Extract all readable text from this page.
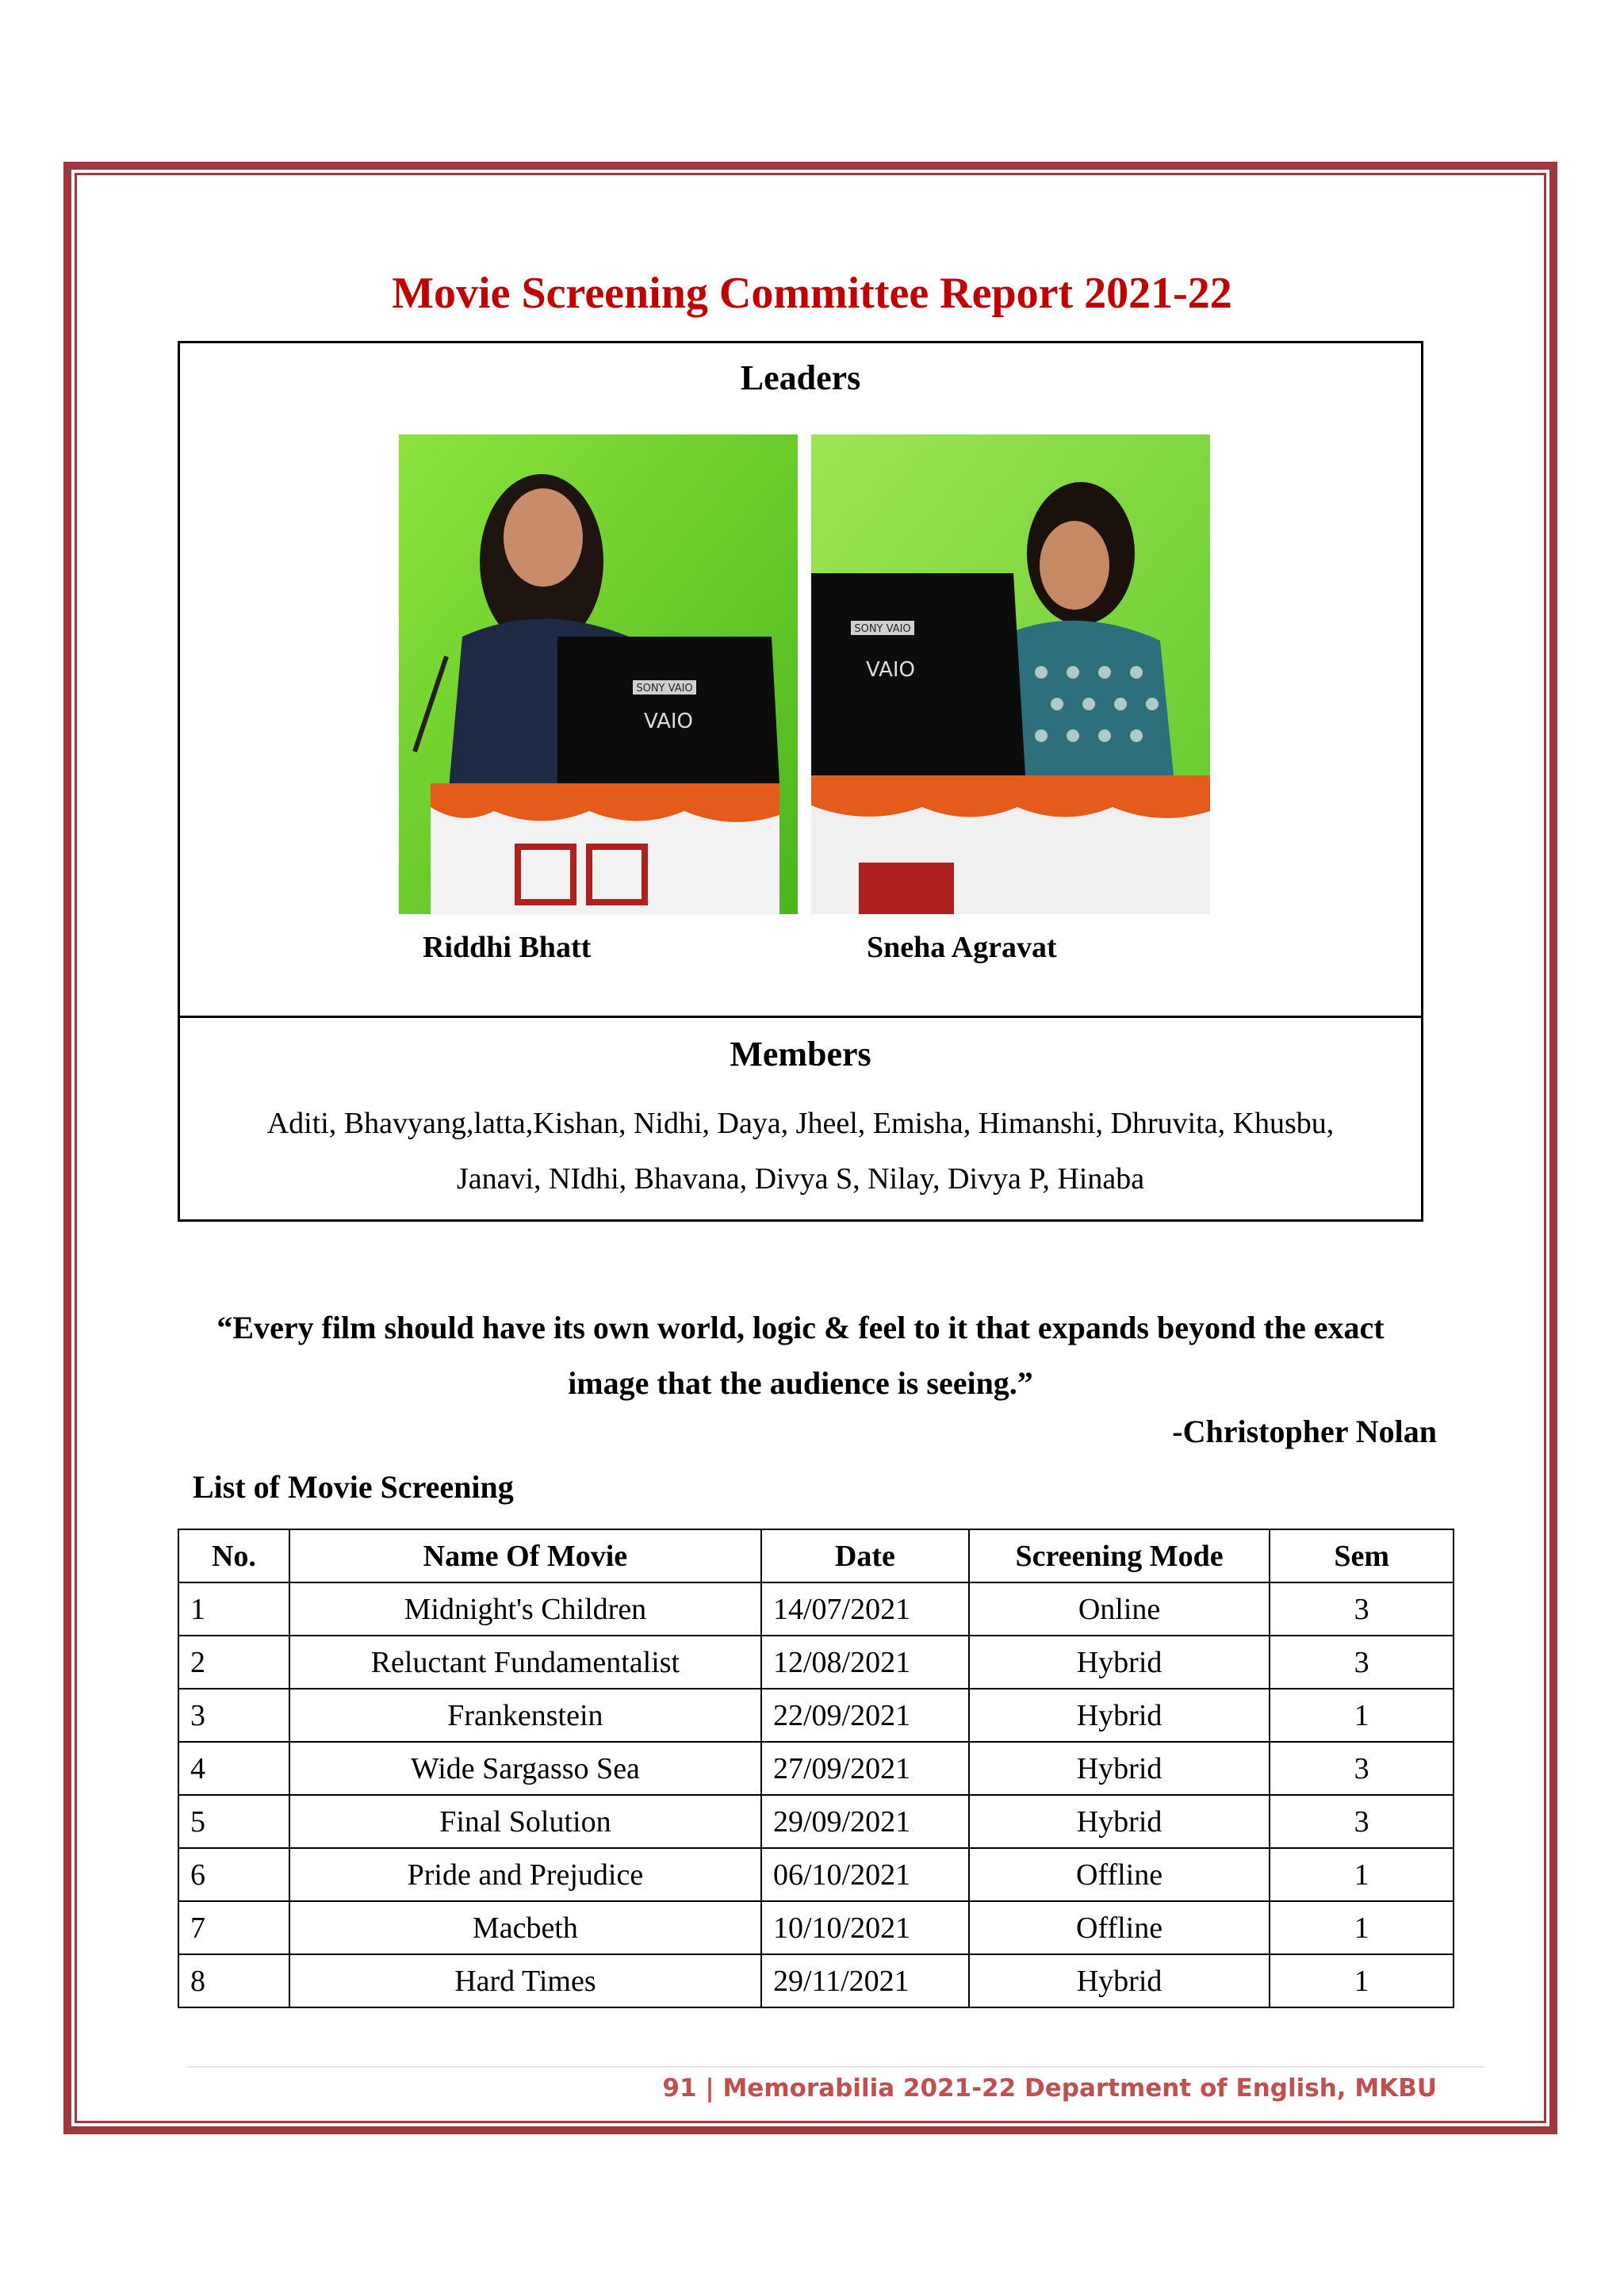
Movie Screening Committee Report 2021-22
Leaders
SONY VAIO
VAIO
SONY VAIO
VAIO
Riddhi Bhatt	Sneha Agravat
Members
Aditi, Bhavyang,latta,Kishan, Nidhi, Daya, Jheel, Emisha, Himanshi, Dhruvita, Khusbu,
Janavi, NIdhi, Bhavana, Divya S, Nilay, Divya P, Hinaba
“Every film should have its own world, logic & feel to it that expands beyond the exact
image that the audience is seeing.”
-Christopher Nolan
List of Movie Screening
No.	Name Of Movie	Date	Screening Mode	Sem
1	Midnight's Children	14/07/2021	Online	3
2	Reluctant Fundamentalist	12/08/2021	Hybrid	3
3	Frankenstein	22/09/2021	Hybrid	1
4	Wide Sargasso Sea	27/09/2021	Hybrid	3
5	Final Solution	29/09/2021	Hybrid	3
6	Pride and Prejudice	06/10/2021	Offline	1
7	Macbeth	10/10/2021	Offline	1
8	Hard Times	29/11/2021	Hybrid	1
91 | Memorabilia 2021-22 Department of English, MKBU
